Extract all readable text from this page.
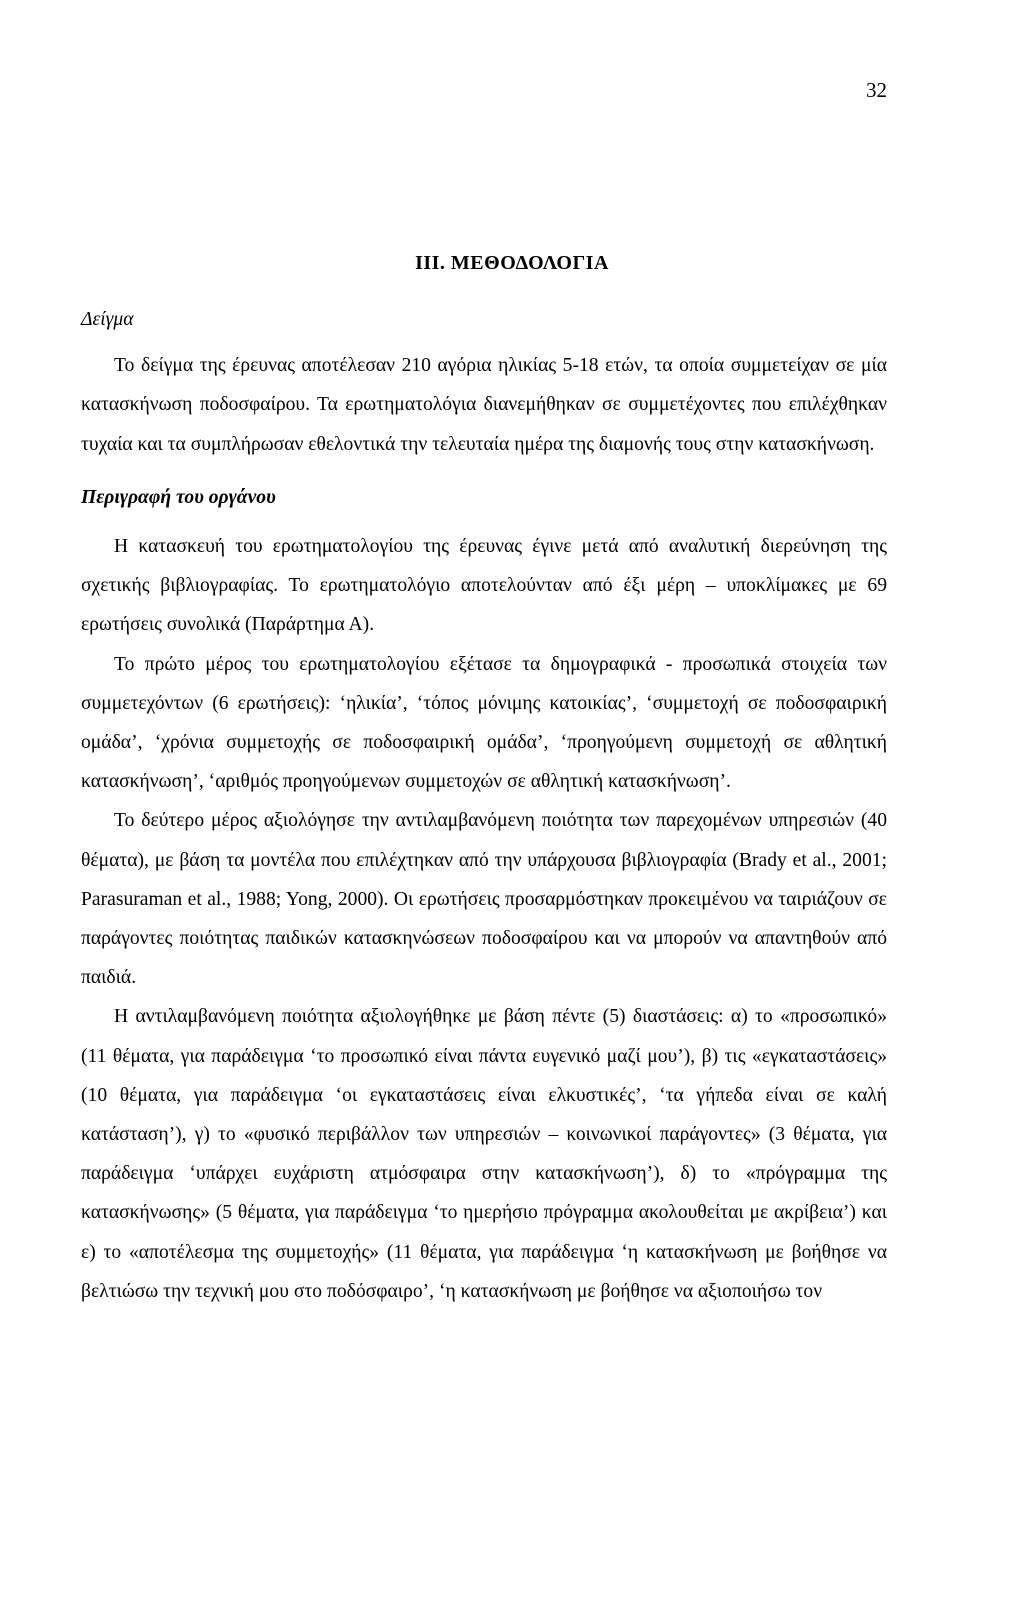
32
ΙΙΙ. ΜΕΘΟΔΟΛΟΓΙΑ
Δείγμα

Το δείγμα της έρευνας αποτέλεσαν 210 αγόρια ηλικίας 5-18 ετών, τα οποία συμμετείχαν σε μία κατασκήνωση ποδοσφαίρου. Τα ερωτηματολόγια διανεμήθηκαν σε συμμετέχοντες που επιλέχθηκαν τυχαία και τα συμπλήρωσαν εθελοντικά την τελευταία ημέρα της διαμονής τους στην κατασκήνωση.

Περιγραφή του οργάνου

Η κατασκευή του ερωτηματολογίου της έρευνας έγινε μετά από αναλυτική διερεύνηση της σχετικής βιβλιογραφίας. Το ερωτηματολόγιο αποτελούνταν από έξι μέρη – υποκλίμακες με 69 ερωτήσεις συνολικά (Παράρτημα Α).

Το πρώτο μέρος του ερωτηματολογίου εξέτασε τα δημογραφικά - προσωπικά στοιχεία των συμμετεχόντων (6 ερωτήσεις): ‘ηλικία’, ‘τόπος μόνιμης κατοικίας’, ‘συμμετοχή σε ποδοσφαιρική ομάδα’, ‘χρόνια συμμετοχής σε ποδοσφαιρική ομάδα’, ‘προηγούμενη συμμετοχή σε αθλητική κατασκήνωση’, ‘αριθμός προηγούμενων συμμετοχών σε αθλητική κατασκήνωση’.

Το δεύτερο μέρος αξιολόγησε την αντιλαμβανόμενη ποιότητα των παρεχομένων υπηρεσιών (40 θέματα), με βάση τα μοντέλα που επιλέχτηκαν από την υπάρχουσα βιβλιογραφία (Brady et al., 2001; Parasuraman et al., 1988; Yong, 2000). Οι ερωτήσεις προσαρμόστηκαν προκειμένου να ταιριάζουν σε παράγοντες ποιότητας παιδικών κατασκηνώσεων ποδοσφαίρου και να μπορούν να απαντηθούν από παιδιά.

Η αντιλαμβανόμενη ποιότητα αξιολογήθηκε με βάση πέντε (5) διαστάσεις: α) το «προσωπικό» (11 θέματα, για παράδειγμα ‘το προσωπικό είναι πάντα ευγενικό μαζί μου’), β) τις «εγκαταστάσεις» (10 θέματα, για παράδειγμα ‘οι εγκαταστάσεις είναι ελκυστικές’, ‘τα γήπεδα είναι σε καλή κατάσταση’), γ) το «φυσικό περιβάλλον των υπηρεσιών – κοινωνικοί παράγοντες» (3 θέματα, για παράδειγμα ‘υπάρχει ευχάριστη ατμόσφαιρα στην κατασκήνωση’), δ) το «πρόγραμμα της κατασκήνωσης» (5 θέματα, για παράδειγμα ‘το ημερήσιο πρόγραμμα ακολουθείται με ακρίβεια’) και ε) το «αποτέλεσμα της συμμετοχής» (11 θέματα, για παράδειγμα ‘η κατασκήνωση με βοήθησε να βελτιώσω την τεχνική μου στο ποδόσφαιρο’, ‘η κατασκήνωση με βοήθησε να αξιοποιήσω τον
